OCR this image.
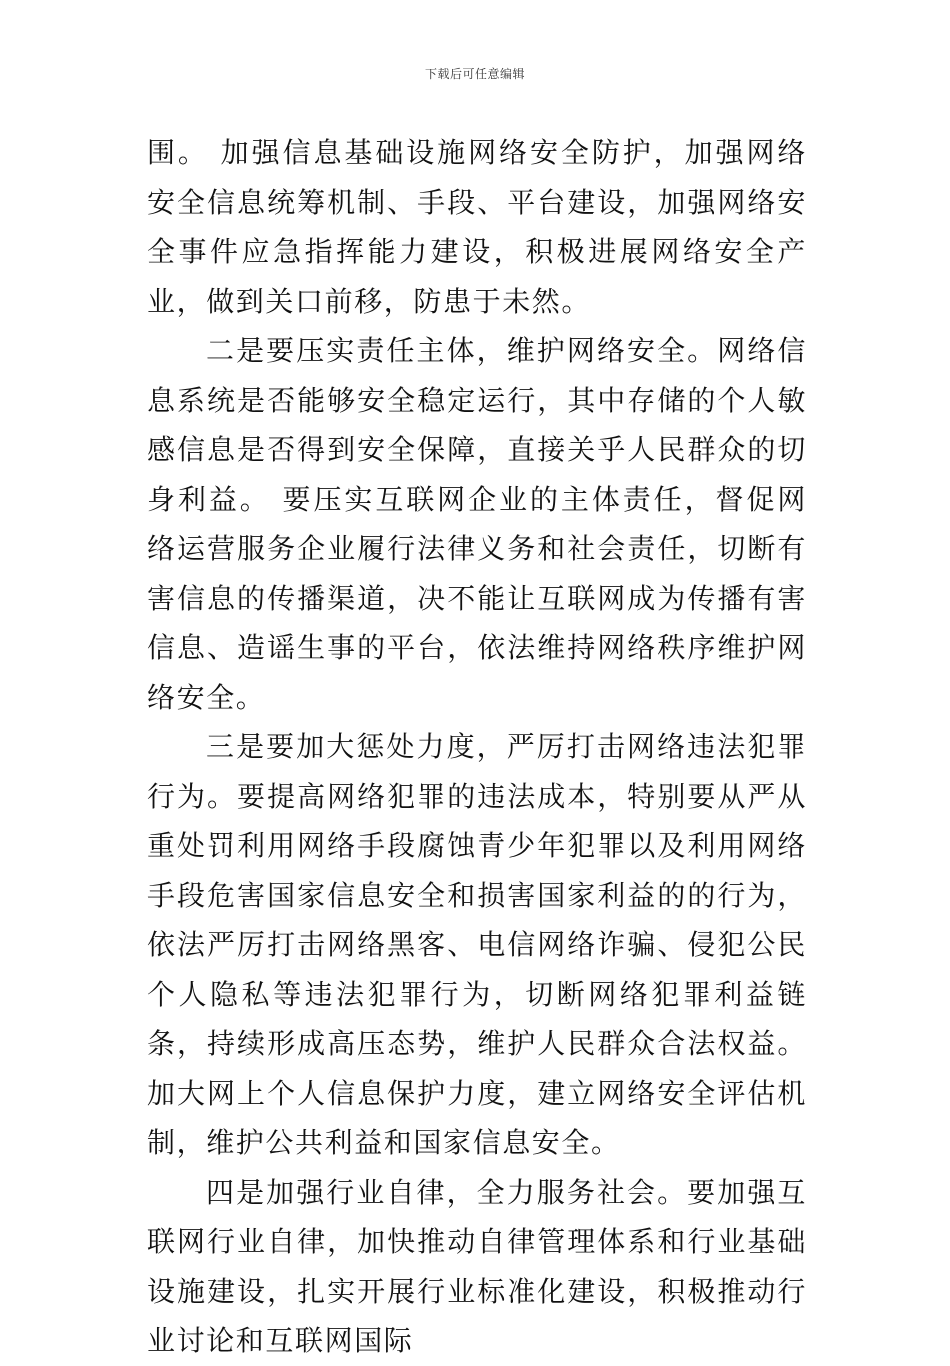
下载后可任意编辑

围。 加强信息基础设施网络安全防护，加强网络安全信息统筹机制、手段、平台建设，加强网络安全事件应急指挥能力建设，积极进展网络安全产业，做到关口前移，防患于未然。

二是要压实责任主体，维护网络安全。网络信息系统是否能够安全稳定运行，其中存储的个人敏感信息是否得到安全保障，直接关乎人民群众的切身利益。 要压实互联网企业的主体责任，督促网络运营服务企业履行法律义务和社会责任，切断有害信息的传播渠道，决不能让互联网成为传播有害信息、造谣生事的平台，依法维持网络秩序维护网络安全。

三是要加大惩处力度，严厉打击网络违法犯罪行为。要提高网络犯罪的违法成本，特别要从严从重处罚利用网络手段腐蚀青少年犯罪以及利用网络手段危害国家信息安全和损害国家利益的的行为，依法严厉打击网络黑客、电信网络诈骗、侵犯公民个人隐私等违法犯罪行为，切断网络犯罪利益链条，持续形成高压态势，维护人民群众合法权益。加大网上个人信息保护力度，建立网络安全评估机制，维护公共利益和国家信息安全。

四是加强行业自律，全力服务社会。要加强互联网行业自律，加快推动自律管理体系和行业基础设施建设，扎实开展行业标准化建设，积极推动行业讨论和互联网国际
